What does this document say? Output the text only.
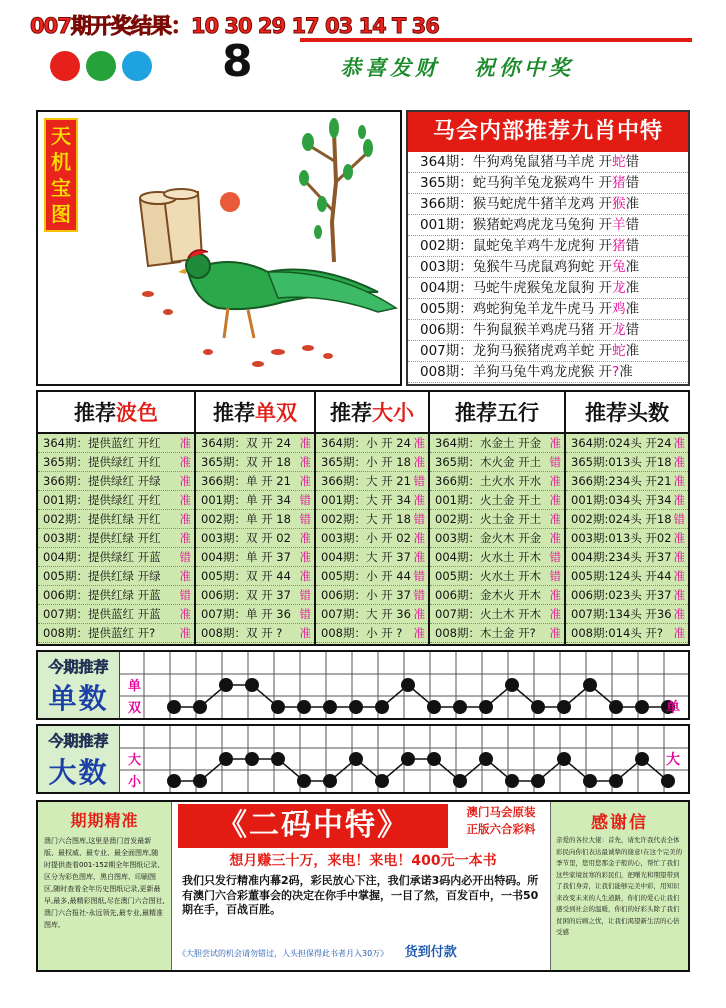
007期开奖结果：10 30 29 17 03 14 T 36
8	恭喜发财   祝你中奖
天机宝图
马会内部推荐九肖中特
364期：牛狗鸡兔鼠猪马羊虎 开蛇错
365期：蛇马狗羊兔龙猴鸡牛 开猪错
366期：猴马蛇虎牛猪羊龙鸡 开猴准
001期：猴猪蛇鸡虎龙马兔狗 开羊错
002期：鼠蛇兔羊鸡牛龙虎狗 开猪错
003期：兔猴牛马虎鼠鸡狗蛇 开兔准
004期：马蛇牛虎猴兔龙鼠狗 开龙准
005期：鸡蛇狗兔羊龙牛虎马 开鸡准
006期：牛狗鼠猴羊鸡虎马猪 开龙错
007期：龙狗马猴猪虎鸡羊蛇 开蛇准
008期：羊狗马兔牛鸡龙虎猴 开?准
推荐波色
364期：提供蓝红 开红 准
365期：提供绿红 开红 准
366期：提供绿红 开绿 准
001期：提供绿红 开红 准
002期：提供红绿 开红 准
003期：提供红绿 开红 准
004期：提供绿红 开蓝 错
005期：提供红绿 开绿 准
006期：提供红绿 开蓝 错
007期：提供蓝红 开蓝 准
008期：提供蓝红 开? 准
推荐单双
364期：双 开 24 准
365期：双 开 18 准
366期：单 开 21 准
001期：单 开 34 错
002期：单 开 18 错
003期：双 开 02 准
004期：单 开 37 准
005期：双 开 44 准
006期：双 开 37 错
007期：单 开 36 错
008期：双 开 ? 准
推荐大小
364期：小 开 24 准
365期：小 开 18 准
366期：大 开 21 错
001期：大 开 34 准
002期：大 开 18 错
003期：小 开 02 准
004期：大 开 37 准
005期：小 开 44 错
006期：小 开 37 错
007期：大 开 36 准
008期：小 开 ? 准
推荐五行
364期：水金土 开金 准
365期：木火金 开土 错
366期：土火水 开水 准
001期：火土金 开土 准
002期：火土金 开土 准
003期：金火木 开金 准
004期：火水土 开木 错
005期：火水土 开木 错
006期：金木火 开木 准
007期：火土木 开木 准
008期：木土金 开? 准
推荐头数
364期:024头 开24 准
365期:013头 开18 准
366期:234头 开21 准
001期:034头 开34 准
002期:024头 开18 错
003期:013头 开02 准
004期:234头 开37 准
005期:124头 开44 准
006期:023头 开37 准
007期:134头 开36 准
008期:014头 开? 准
今期推荐
单数	单
双	单
今期推荐
大数	大
小
大
期期精准
澳门六合图库,这里是澳门首发最新版、最权威、最专业、最全面图库,随时提供查看001-152期全年图纸记录,区分为彩色图库、黑白图库、印刷图区,随时查看全年历史图纸记录,更新最早,最多,最精彩图纸,尽在澳门六合图社,澳门六合报社-永远领先,最专业,最精准图库,
《二码中特》	澳门马会原装
正版六合彩料
想月赚三十万，来电！来电！400元一本书
我们只发行精准内幕2码，彩民放心下注，我们承诺3码内必开出特码。所有澳门六合彩董事会的决定在你手中掌握，一目了然，百发百中，一书50期在手，百战百胜。
《大胆尝试的机会请勿错过，人头担保得此书者月入30万》 货到付款
感谢信
亲爱的各位大佬：首先，请允许我代表全体彩民向你们表达最诚挚的谢意!在这个完美的季节里，您用您那金子般的心，帮忙了我们这些家境贫寒的彩民们，把曙光和期望带到了我们身旁，让我们能够完美中彩，用知识来改变未来的人生道路，你们的爱心让我们感受到社会的温暖，你们的好彩头除了我们贫困的后顾之忧，让我们渴望新生活的心倍受感
